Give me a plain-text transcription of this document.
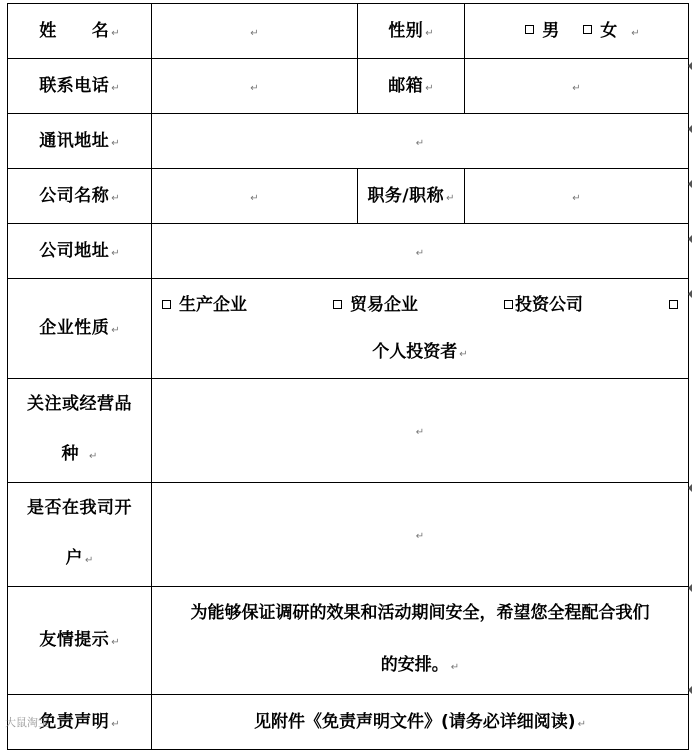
姓　　名 ↵	↵	性别 ↵	男 女 ↵
联系电话 ↵	↵	邮箱 ↵	↵
通讯地址 ↵	↵		
公司名称 ↵	↵	职务/职称 ↵	↵
公司地址 ↵	↵		
企业性质 ↵	生产企业 贸易企业 投资公司
个人投资者 ↵		

关注或经营品
种 ↵	↵		

是否在我司开
户 ↵	↵		
友情提示 ↵	为能够保证调研的效果和活动期间安全，希望您全程配合我们
的安排。 ↵		

免责声明 ↵	见附件《免责声明文件》(请务必详细阅读) ↵		
大鼠淘宝
